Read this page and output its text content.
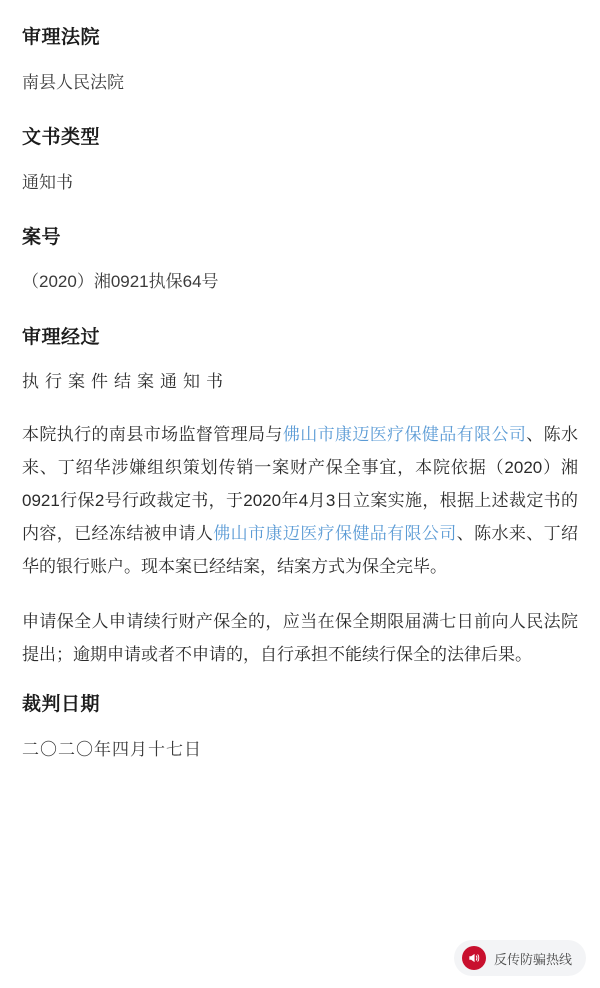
审理法院
南县人民法院
文书类型
通知书
案号
（2020）湘0921执保64号
审理经过
执行案件结案通知书

本院执行的南县市场监督管理局与佛山市康迈医疗保健品有限公司、陈水来、丁绍华涉嫌组织策划传销一案财产保全事宜，本院依据（2020）湘0921行保2号行政裁定书，于2020年4月3日立案实施，根据上述裁定书的内容，已经冻结被申请人佛山市康迈医疗保健品有限公司、陈水来、丁绍华的银行账户。现本案已经结案，结案方式为保全完毕。

申请保全人申请续行财产保全的，应当在保全期限届满七日前向人民法院提出；逾期申请或者不申请的，自行承担不能续行保全的法律后果。

裁判日期
二〇二〇年四月十七日
反传防骗热线
